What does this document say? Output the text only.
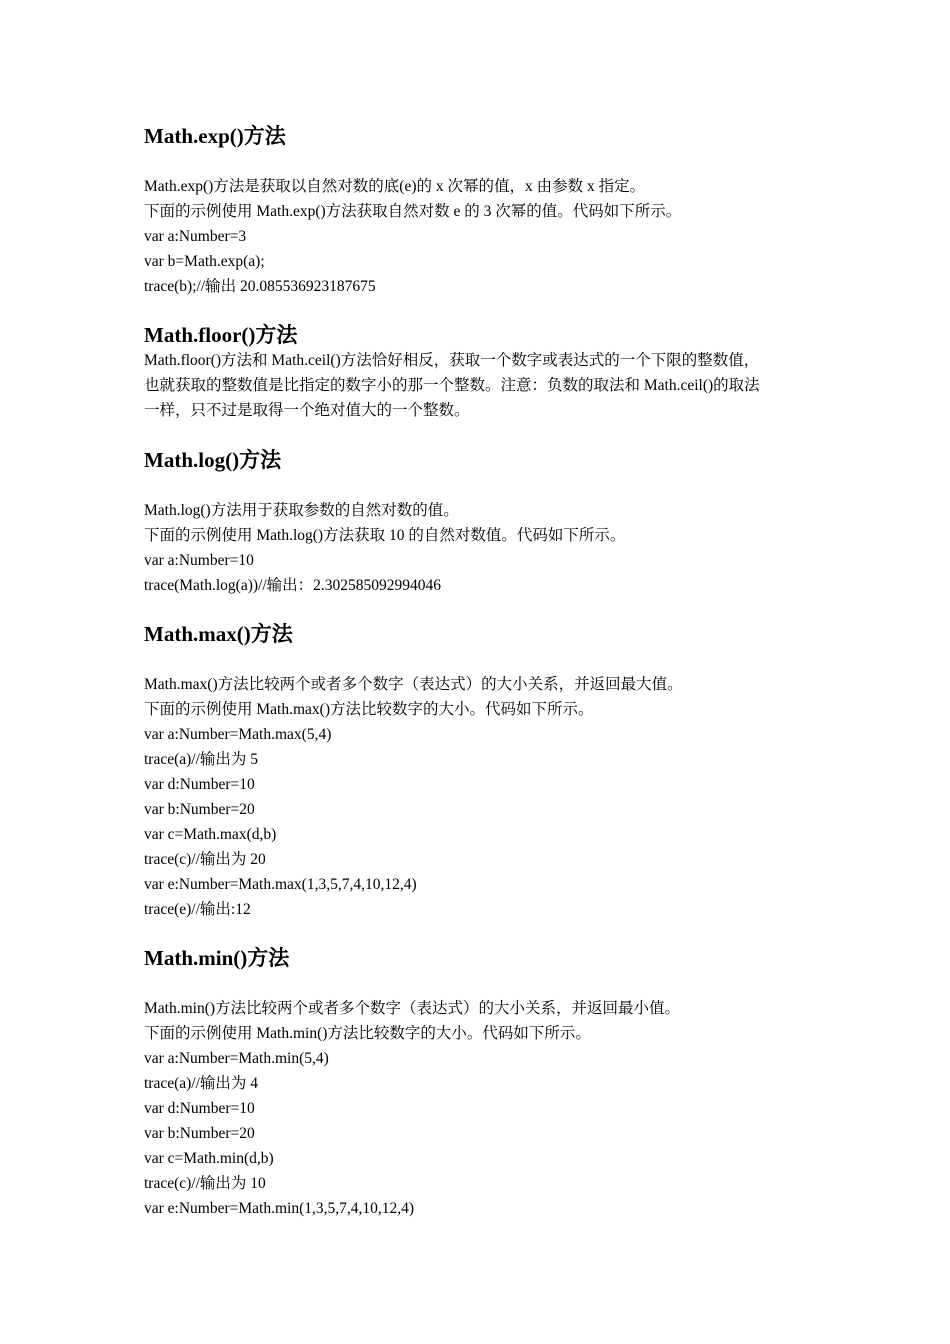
Math.exp()方法
Math.exp()方法是获取以自然对数的底(e)的 x 次幂的值，x 由参数 x 指定。
下面的示例使用 Math.exp()方法获取自然对数 e 的 3 次幂的值。代码如下所示。
var a:Number=3
var b=Math.exp(a);
trace(b);//输出 20.085536923187675
Math.floor()方法
Math.floor()方法和 Math.ceil()方法恰好相反，获取一个数字或表达式的一个下限的整数值，
也就获取的整数值是比指定的数字小的那一个整数。注意：负数的取法和 Math.ceil()的取法
一样，只不过是取得一个绝对值大的一个整数。
Math.log()方法
Math.log()方法用于获取参数的自然对数的值。
下面的示例使用 Math.log()方法获取 10 的自然对数值。代码如下所示。
var a:Number=10
trace(Math.log(a))//输出：2.302585092994046
Math.max()方法
Math.max()方法比较两个或者多个数字（表达式）的大小关系，并返回最大值。
下面的示例使用 Math.max()方法比较数字的大小。代码如下所示。
var a:Number=Math.max(5,4)
trace(a)//输出为 5
var d:Number=10
var b:Number=20
var c=Math.max(d,b)
trace(c)//输出为 20
var e:Number=Math.max(1,3,5,7,4,10,12,4)
trace(e)//输出:12
Math.min()方法
Math.min()方法比较两个或者多个数字（表达式）的大小关系，并返回最小值。
下面的示例使用 Math.min()方法比较数字的大小。代码如下所示。
var a:Number=Math.min(5,4)
trace(a)//输出为 4
var d:Number=10
var b:Number=20
var c=Math.min(d,b)
trace(c)//输出为 10
var e:Number=Math.min(1,3,5,7,4,10,12,4)
